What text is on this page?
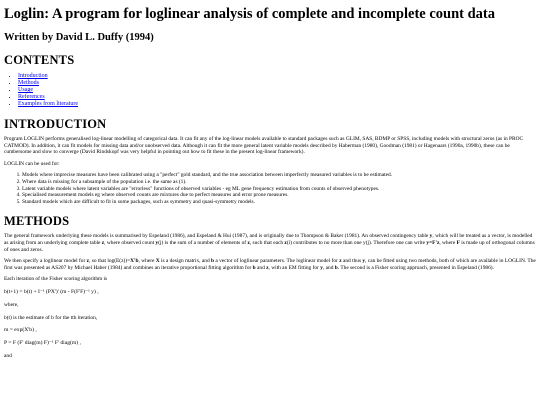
Loglin: A program for loglinear analysis of complete and incomplete count data
Written by David L. Duffy (1994)
CONTENTS
• Introduction
• Methods
• Usage
• References
• Examples from literature
INTRODUCTION

Program LOGLIN performs generalised log-linear modelling of categorical data. It can fit any of the log-linear models available to standard packages such as GLIM, SAS, BDMP or SPSS, including models with structural zeros (as in PROC CATMOD). In addition, it can fit models for missing data and/or unobserved data. Although it can fit the more general latent variable models described by Haberman (1980), Goodman (1981) or Hagenaars (1990a, 1990b), these can be cumbersome and slow to converge (David Rindskopf was very helpful in pointing out how to fit these in the present log-linear framework).

LOGLIN can be used for:

1. Models where imprecise measures have been calibrated using a "perfect" gold standard, and the true association between imperfectly measured variables is to be estimated.
2. Where data is missing for a subsample of the population i.e. the same as (1).
3. Latent variable models where latent variables are "errorless" functions of observed variables - eg ML gene frequency estimation from counts of observed phenotypes.
4. Specialised measurement models eg where observed counts are mixtures due to perfect measures and error prone measures.
5. Standard models which are difficult to fit in some packages, such as symmetry and quasi-symmetry models.
METHODS

The general framework underlying these models is summarised by Espeland (1986), and Espeland & Hui (1987), and is originally due to Thompson & Baker (1981). An observed contingency table y, which will be treated as a vector, is modelled as arising from an underlying complete table z, where observed count y(j) is the sum of a number of elements of z, such that each z(i) contributes to no more than one y(j). Therefore one can write y=F'z, where F is made up of orthogonal columns of ones and zeros.

We then specify a loglinear model for z, so that log(E(z))=X'b, where X is a design matrix, and b a vector of loglinear parameters. The loglinear model for z and thus y, can be fitted using two methods, both of which are available in LOGLIN. The first was presented as AS207 by Michael Haber (1984) and combines an iterative proportional fitting algorithm for b and z, with an EM fitting for y, and b. The second is a Fisher scoring approach, presented in Espeland (1986).

Each iteration of the Fisher scoring algorithm is

b(t+1) = b(t) + I⁻¹ (PX')' (m - F(F'F)⁻¹ y) ,
where,
b(t) is the estimate of b for the tth iteration,
m = exp(X'b) ,
P = F (F' diag(m) F)⁻¹ F' diag(m) ,
and
